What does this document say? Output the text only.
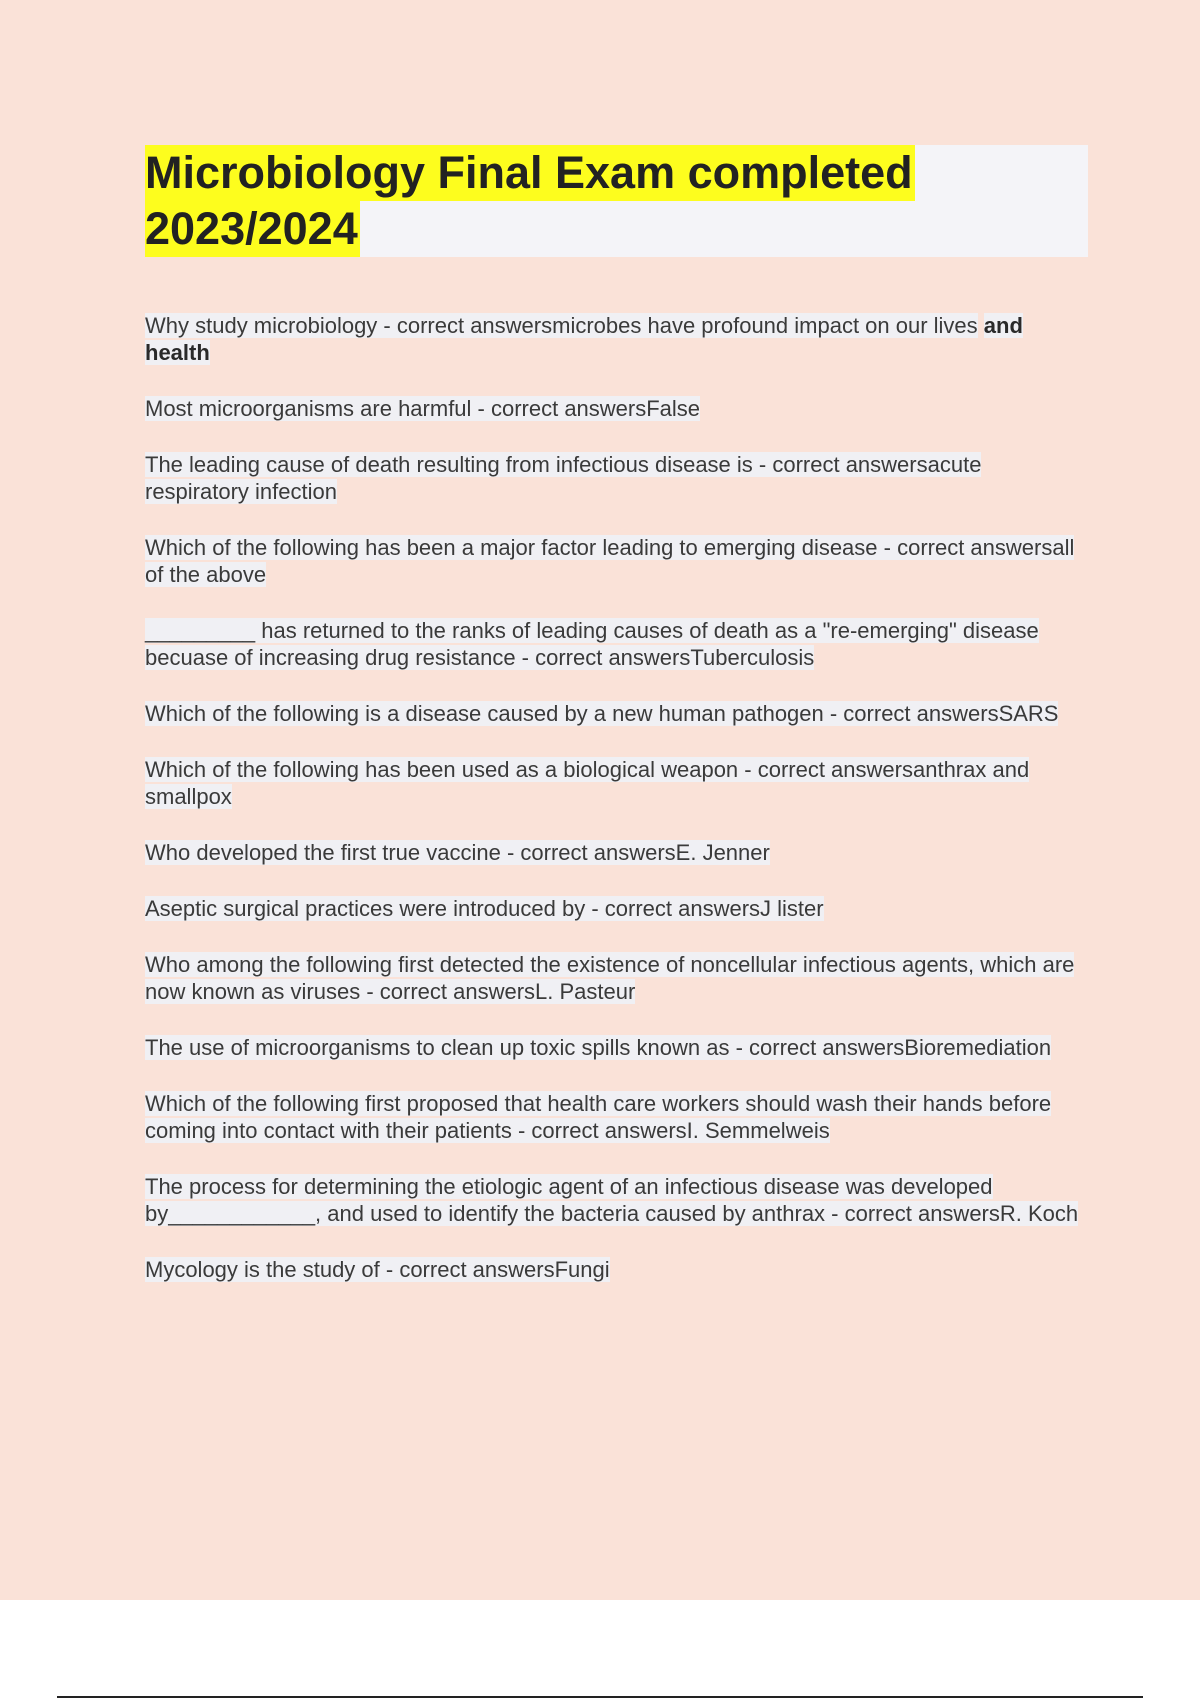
Microbiology Final Exam completed
2023/2024
Why study microbiology - correct answersmicrobes have profound impact on our lives and health
Most microorganisms are harmful - correct answersFalse
The leading cause of death resulting from infectious disease is - correct answersacute respiratory infection
Which of the following has been a major factor leading to emerging disease - correct answersall of the above
_________ has returned to the ranks of leading causes of death as a "re-emerging" disease becuase of increasing drug resistance - correct answersTuberculosis
Which of the following is a disease caused by a new human pathogen - correct answersSARS
Which of the following has been used as a biological weapon - correct answersanthrax and smallpox
Who developed the first true vaccine - correct answersE. Jenner
Aseptic surgical practices were introduced by - correct answersJ lister
Who among the following first detected the existence of noncellular infectious agents, which are now known as viruses - correct answersL. Pasteur
The use of microorganisms to clean up toxic spills known as - correct answersBioremediation
Which of the following first proposed that health care workers should wash their hands before coming into contact with their patients - correct answersI. Semmelweis
The process for determining the etiologic agent of an infectious disease was developed by____________, and used to identify the bacteria caused by anthrax - correct answersR. Koch
Mycology is the study of - correct answersFungi
